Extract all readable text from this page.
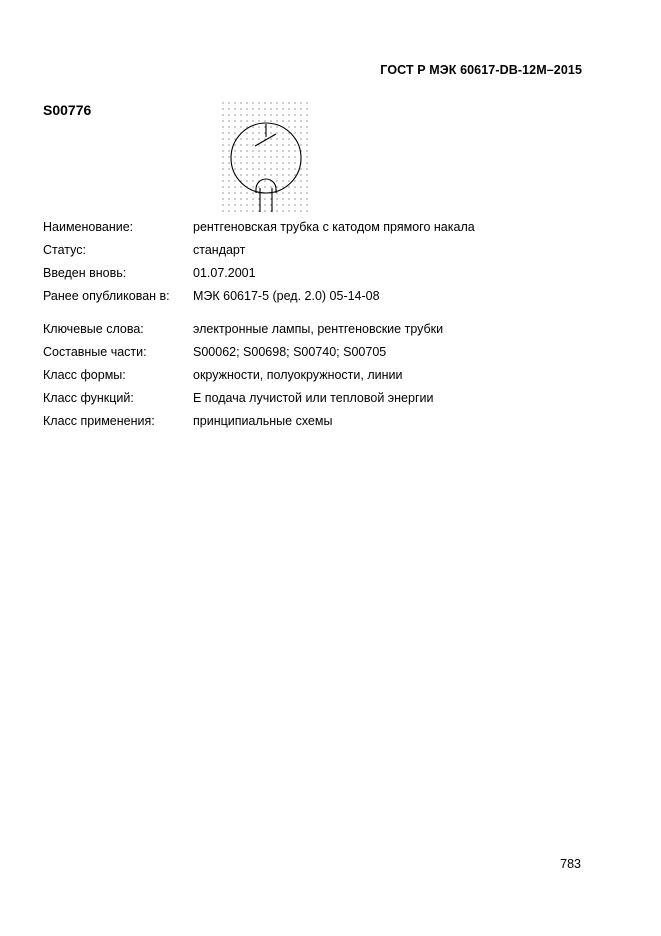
ГОСТ Р МЭК 60617-DB-12M–2015
S00776
Наименование:	рентгеновская трубка с катодом прямого накала
Статус:	стандарт
Введен вновь:	01.07.2001
Ранее опубликован в: МЭК 60617-5 (ред. 2.0) 05-14-08
Ключевые слова:	электронные лампы, рентгеновские трубки
Составные части:	S00062; S00698; S00740; S00705
Класс формы:	окружности, полуокружности, линии
Класс функций:	E подача лучистой или тепловой энергии
Класс применения:	принципиальные схемы
783
